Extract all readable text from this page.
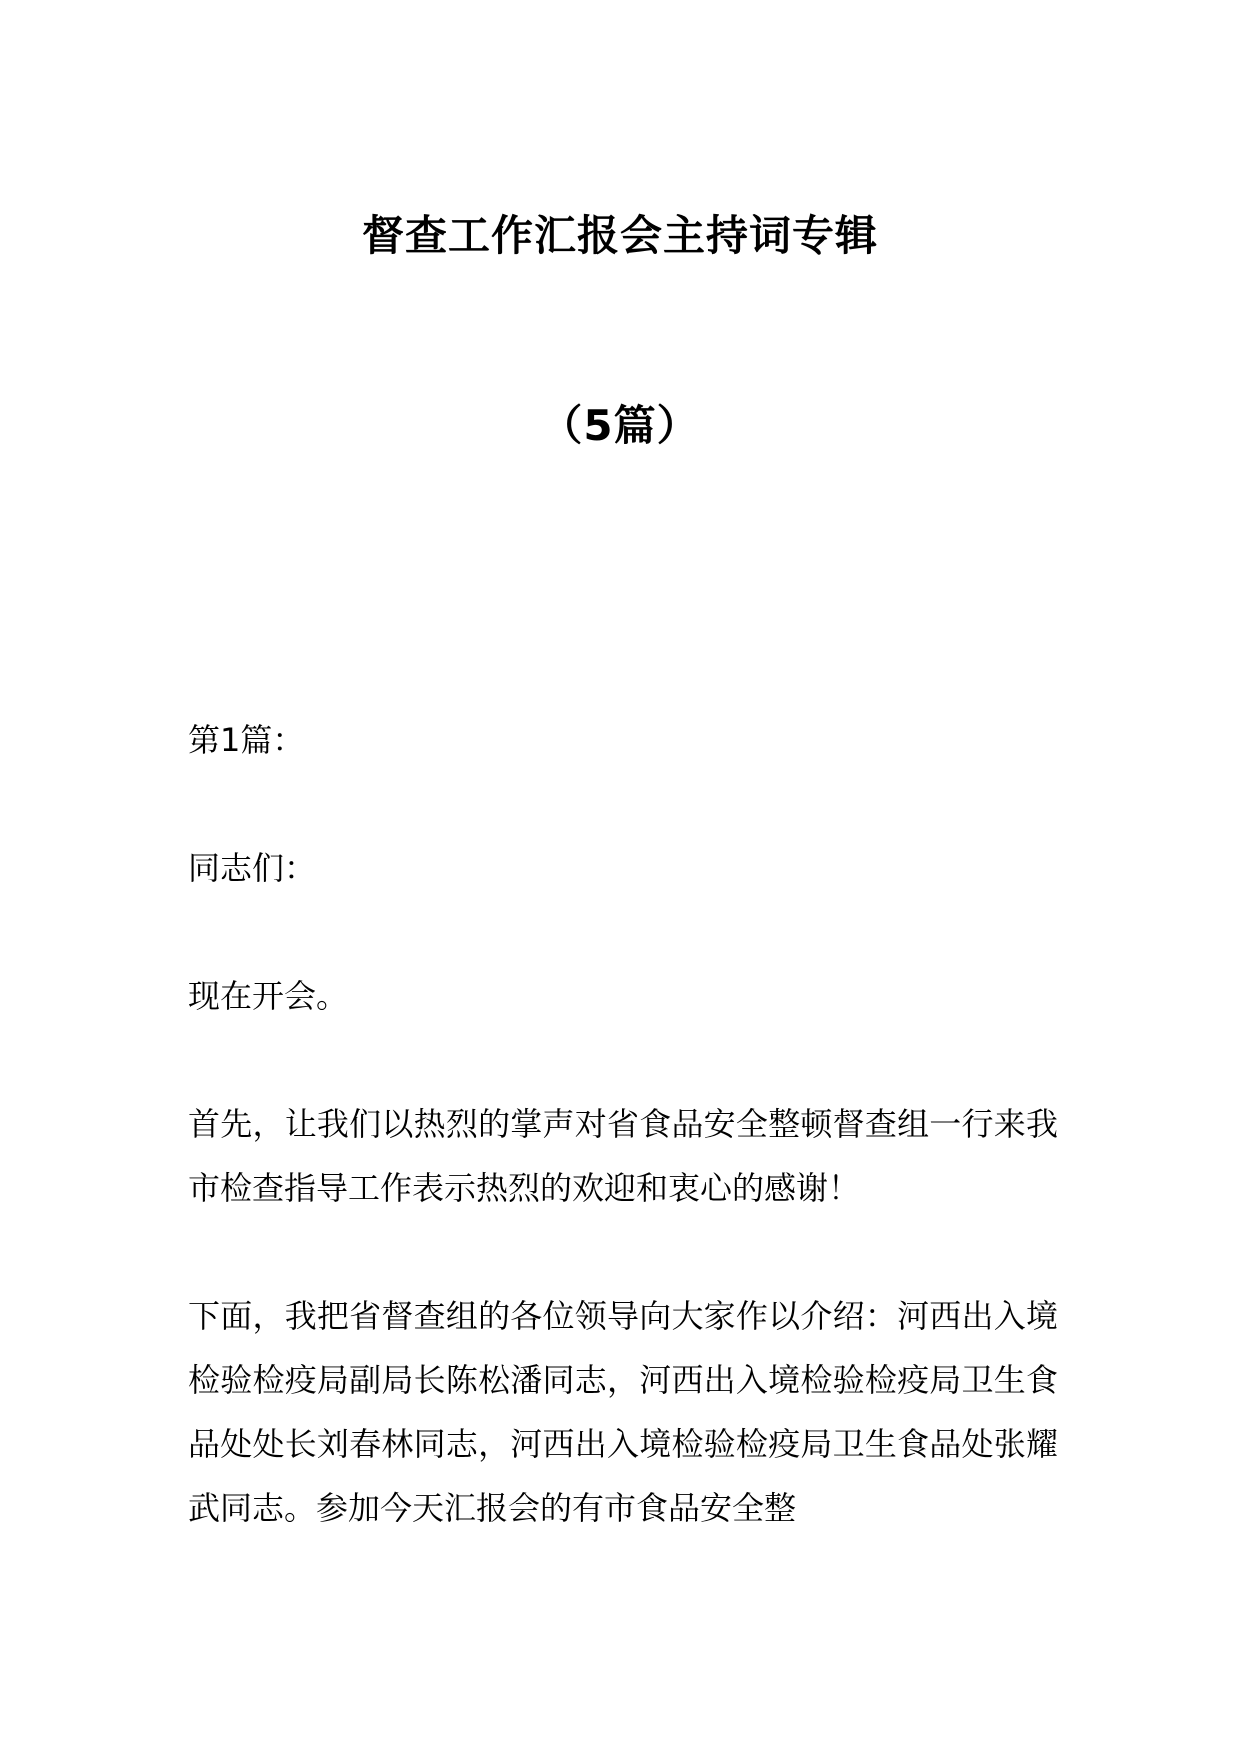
督查工作汇报会主持词专辑
（5篇）

第1篇：

同志们：

现在开会。

首先，让我们以热烈的掌声对省食品安全整顿督查组一行来我市检查指导工作表示热烈的欢迎和衷心的感谢！

下面，我把省督查组的各位领导向大家作以介绍：河西出入境检验检疫局副局长陈松潘同志，河西出入境检验检疫局卫生食品处处长刘春林同志，河西出入境检验检疫局卫生食品处张耀武同志。参加今天汇报会的有市食品安全整
